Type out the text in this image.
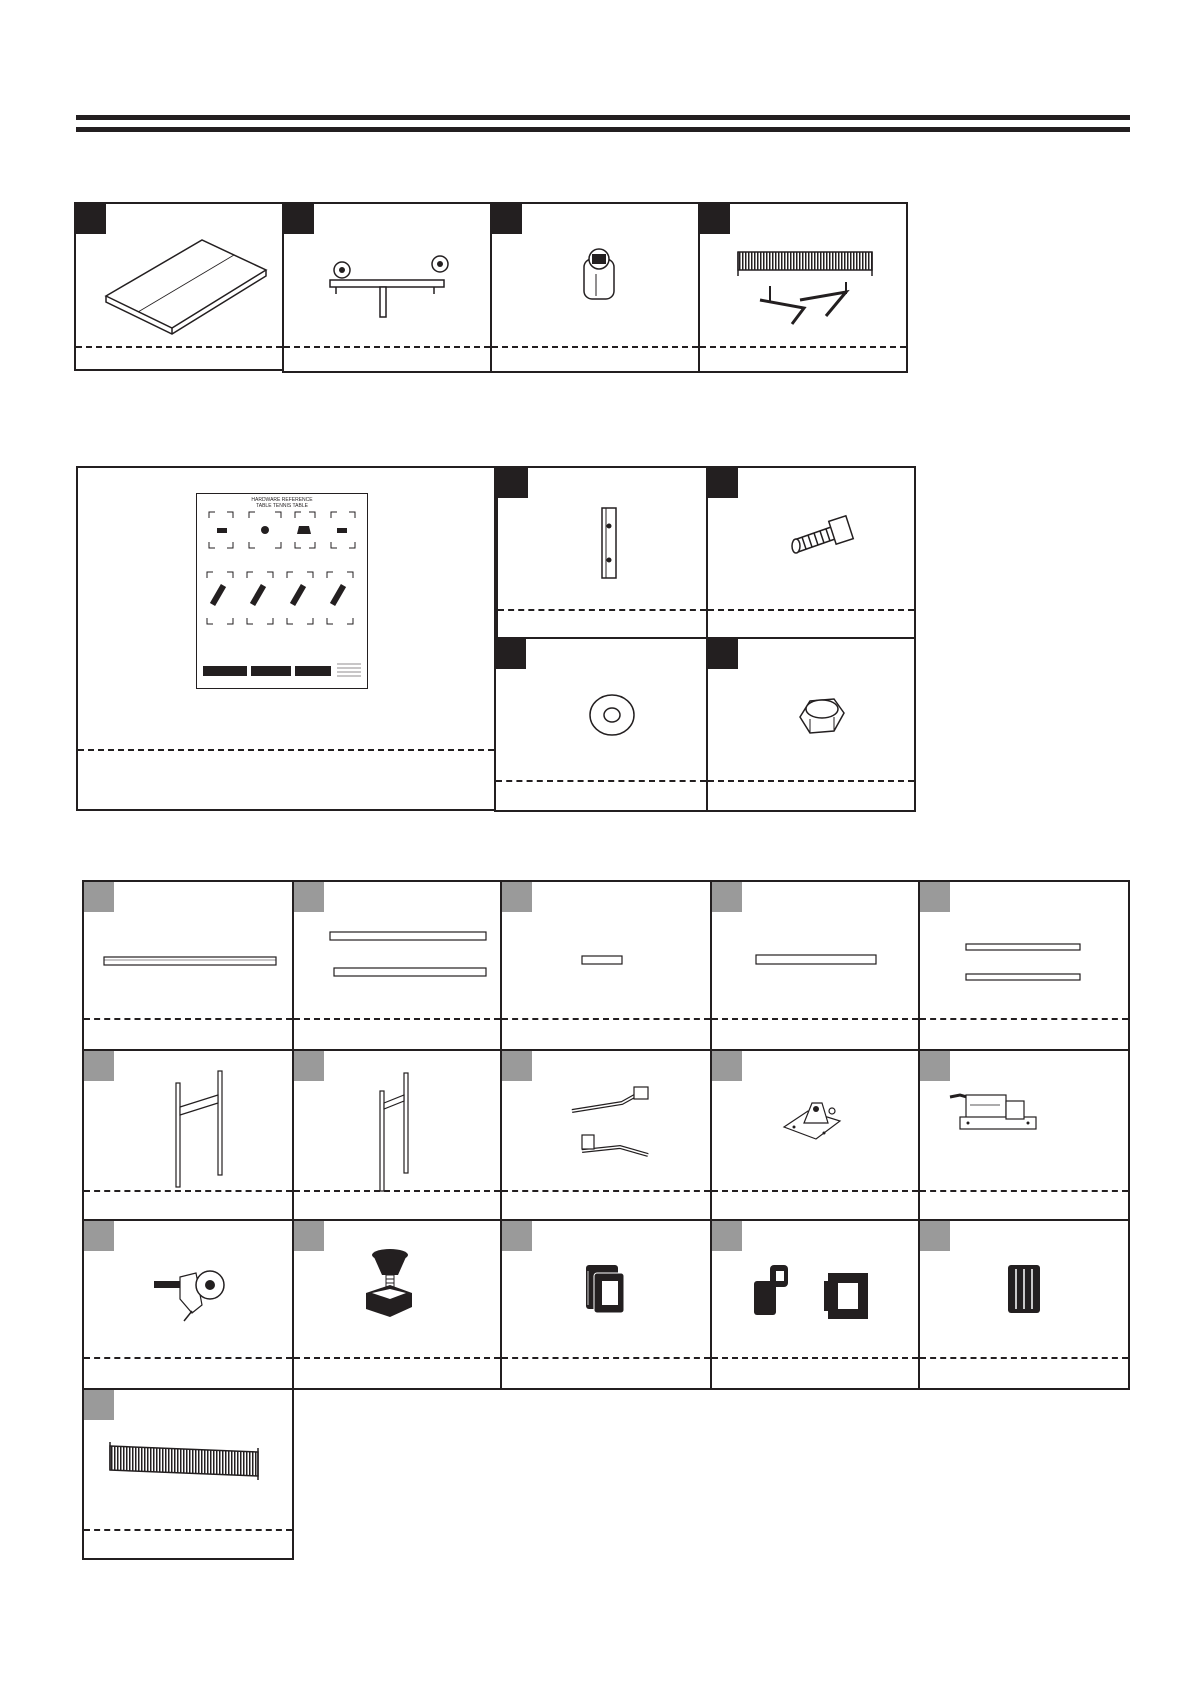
HARDWARE REFERENCE
TABLE TENNIS TABLE
